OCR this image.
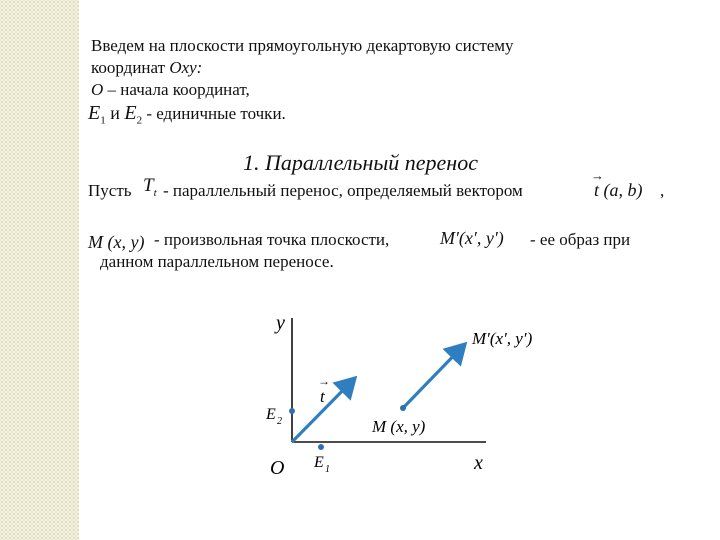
Введем на плоскости прямоугольную декартовую систему
координат Oxy:
O – начала координат,
$E_1$ и $E_2$ - единичные точки.
1. Параллельный перенос
Пусть $T_t$ - параллельный перенос, определяемый вектором
→
t (a, b) ,
M (x, y) - произвольная точка плоскости,	M′(x′, y′) - ее образ при
данном параллельном переносе.
y
x
O
E 2
E 1
→
t
M (x, y)
M′(x′, y′)
